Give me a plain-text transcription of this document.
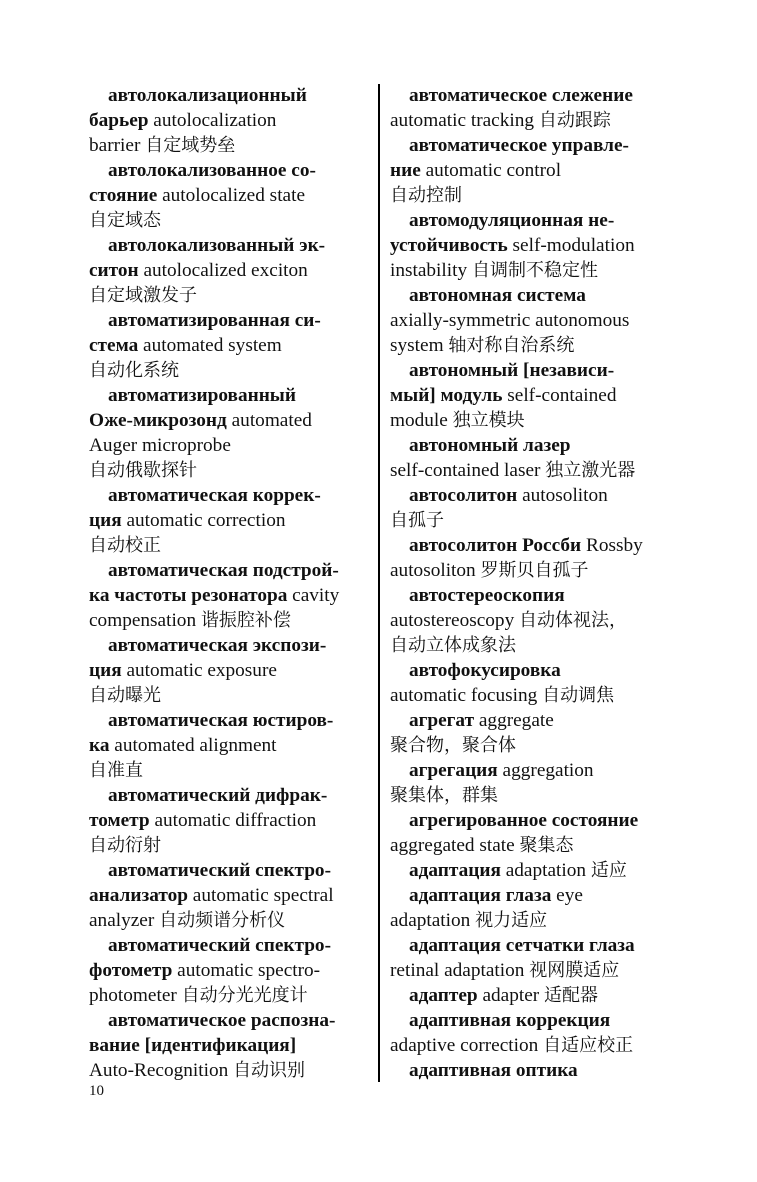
автолокализационный
барьер autolocalization
barrier 自定域势垒
автолокализованное со-
стояние autolocalized state
自定域态
автолокализованный эк-
ситон autolocalized exciton
自定域激发子
автоматизированная си-
стема automated system
自动化系统
автоматизированный
Оже-микрозонд automated
Auger microprobe
自动俄歇探针
автоматическая коррек-
ция automatic correction
自动校正
автоматическая подстрой-
ка частоты резонатора cavity
compensation 谐振腔补偿
автоматическая экспози-
ция automatic exposure
自动曝光
автоматическая юстиров-
ка automated alignment
自准直
автоматический дифрак-
тометр automatic diffraction
自动衍射
автоматический спектро-
анализатор automatic spectral
analyzer 自动频谱分析仪
автоматический спектро-
фотометр automatic spectro-
photometer 自动分光光度计
автоматическое распозна-
вание [идентификация]
Auto-Recognition 自动识别
автоматическое слежение
automatic tracking 自动跟踪
автоматическое управле-
ние automatic control
自动控制
автомодуляционная не-
устойчивость self-modulation
instability 自调制不稳定性
автономная система
axially-symmetric autonomous
system 轴对称自治系统
автономный [независи-
мый] модуль self-contained
module 独立模块
автономный лазер
self-contained laser 独立激光器
автосолитон autosoliton
自孤子
автосолитон Россби Rossby
autosoliton 罗斯贝自孤子
автостереоскопия
autostereoscopy 自动体视法，
自动立体成象法
автофокусировка
automatic focusing 自动调焦
агрегат aggregate
聚合物，聚合体
агрегация aggregation
聚集体，群集
агрегированное состояние
aggregated state 聚集态
адаптация adaptation 适应
адаптация глаза eye
adaptation 视力适应
адаптация сетчатки глаза
retinal adaptation 视网膜适应
адаптер adapter 适配器
адаптивная коррекция
adaptive correction 自适应校正
адаптивная оптика
10
